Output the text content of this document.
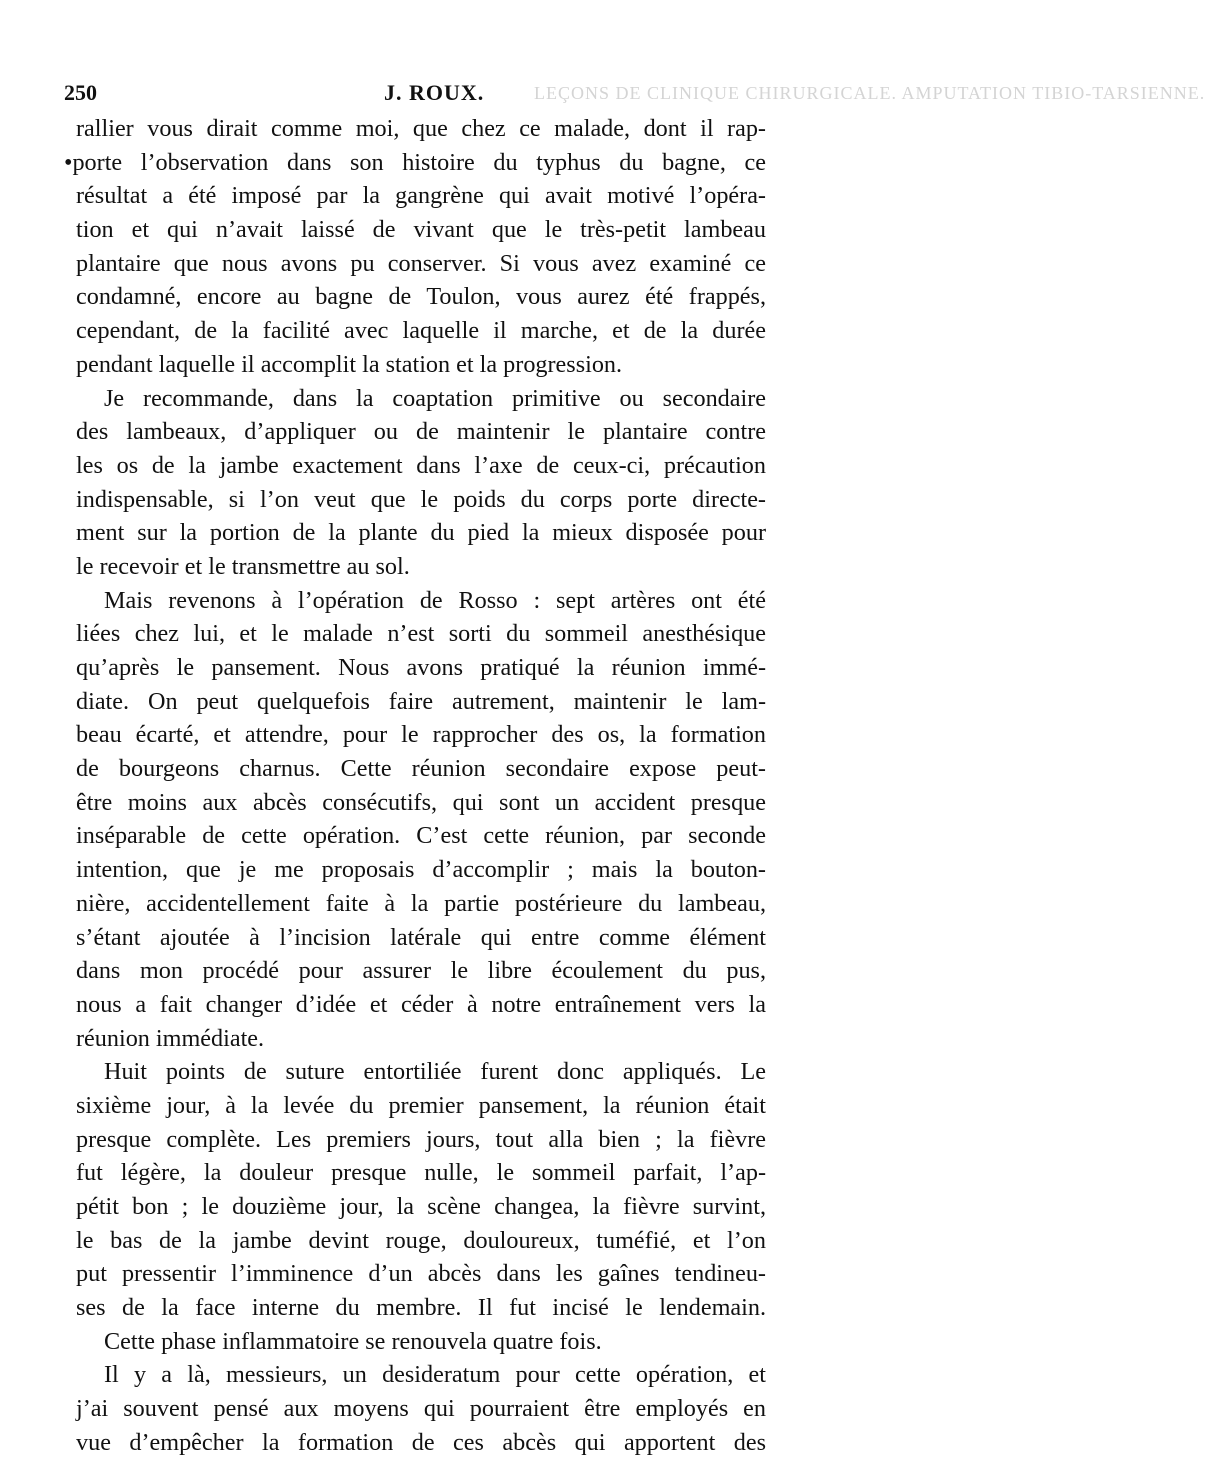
250	J. ROUX.	LEÇONS DE CLINIQUE CHIRURGICALE. AMPUTATION TIBIO-TARSIENNE.
rallier vous dirait comme moi, que chez ce malade, dont il rap-
•porte l’observation dans son histoire du typhus du bagne, ce
résultat a été imposé par la gangrène qui avait motivé l’opéra-
tion et qui n’avait laissé de vivant que le très-petit lambeau
plantaire que nous avons pu conserver. Si vous avez examiné ce
condamné, encore au bagne de Toulon, vous aurez été frappés,
cependant, de la facilité avec laquelle il marche, et de la durée
pendant laquelle il accomplit la station et la progression.
Je recommande, dans la coaptation primitive ou secondaire
des lambeaux, d’appliquer ou de maintenir le plantaire contre
les os de la jambe exactement dans l’axe de ceux-ci, précaution
indispensable, si l’on veut que le poids du corps porte directe-
ment sur la portion de la plante du pied la mieux disposée pour
le recevoir et le transmettre au sol.
Mais revenons à l’opération de Rosso : sept artères ont été
liées chez lui, et le malade n’est sorti du sommeil anesthésique
qu’après le pansement. Nous avons pratiqué la réunion immé-
diate. On peut quelquefois faire autrement, maintenir le lam-
beau écarté, et attendre, pour le rapprocher des os, la formation
de bourgeons charnus. Cette réunion secondaire expose peut-
être moins aux abcès consécutifs, qui sont un accident presque
inséparable de cette opération. C’est cette réunion, par seconde
intention, que je me proposais d’accomplir ; mais la bouton-
nière, accidentellement faite à la partie postérieure du lambeau,
s’étant ajoutée à l’incision latérale qui entre comme élément
dans mon procédé pour assurer le libre écoulement du pus,
nous a fait changer d’idée et céder à notre entraînement vers la
réunion immédiate.
Huit points de suture entortiliée furent donc appliqués. Le
sixième jour, à la levée du premier pansement, la réunion était
presque complète. Les premiers jours, tout alla bien ; la fièvre
fut légère, la douleur presque nulle, le sommeil parfait, l’ap-
pétit bon ; le douzième jour, la scène changea, la fièvre survint,
le bas de la jambe devint rouge, douloureux, tuméfié, et l’on
put pressentir l’imminence d’un abcès dans les gaînes tendineu-
ses de la face interne du membre. Il fut incisé le lendemain.
Cette phase inflammatoire se renouvela quatre fois.
Il y a là, messieurs, un desideratum pour cette opération, et
j’ai souvent pensé aux moyens qui pourraient être employés en
vue d’empêcher la formation de ces abcès qui apportent des
